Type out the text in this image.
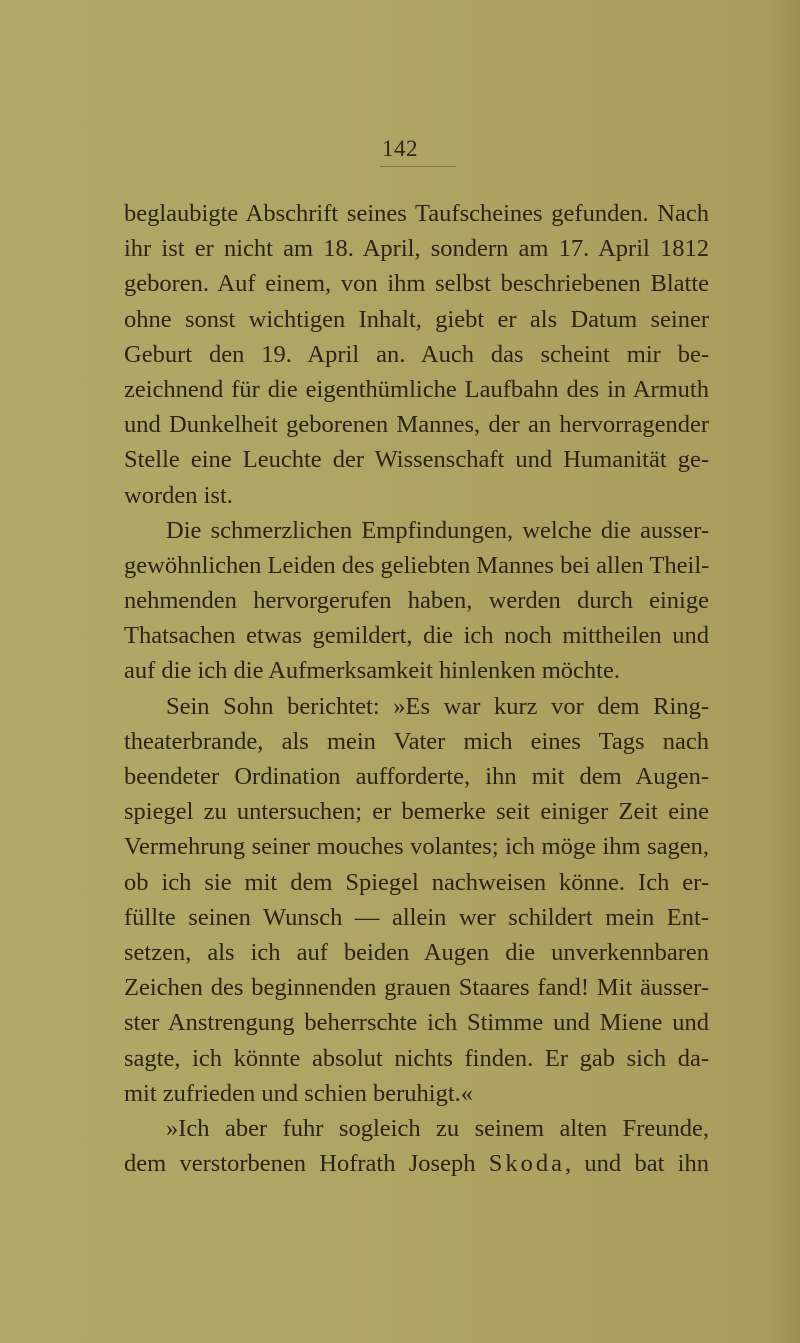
142
beglaubigte Abschrift seines Taufscheines gefunden. Nach
ihr ist er nicht am 18. April, sondern am 17. April 1812
geboren. Auf einem, von ihm selbst beschriebenen Blatte
ohne sonst wichtigen Inhalt, giebt er als Datum seiner
Geburt den 19. April an. Auch das scheint mir be-
zeichnend für die eigenthümliche Laufbahn des in Armuth
und Dunkelheit geborenen Mannes, der an hervorragender
Stelle eine Leuchte der Wissenschaft und Humanität ge-
worden ist.
Die schmerzlichen Empfindungen, welche die ausser-
gewöhnlichen Leiden des geliebten Mannes bei allen Theil-
nehmenden hervorgerufen haben, werden durch einige
Thatsachen etwas gemildert, die ich noch mittheilen und
auf die ich die Aufmerksamkeit hinlenken möchte.
Sein Sohn berichtet: »Es war kurz vor dem Ring-
theaterbrande, als mein Vater mich eines Tags nach
beendeter Ordination aufforderte, ihn mit dem Augen-
spiegel zu untersuchen; er bemerke seit einiger Zeit eine
Vermehrung seiner mouches volantes; ich möge ihm sagen,
ob ich sie mit dem Spiegel nachweisen könne. Ich er-
füllte seinen Wunsch — allein wer schildert mein Ent-
setzen, als ich auf beiden Augen die unverkennbaren
Zeichen des beginnenden grauen Staares fand! Mit äusser-
ster Anstrengung beherrschte ich Stimme und Miene und
sagte, ich könnte absolut nichts finden. Er gab sich da-
mit zufrieden und schien beruhigt.«
»Ich aber fuhr sogleich zu seinem alten Freunde,
dem verstorbenen Hofrath Joseph Skoda, und bat ihn
